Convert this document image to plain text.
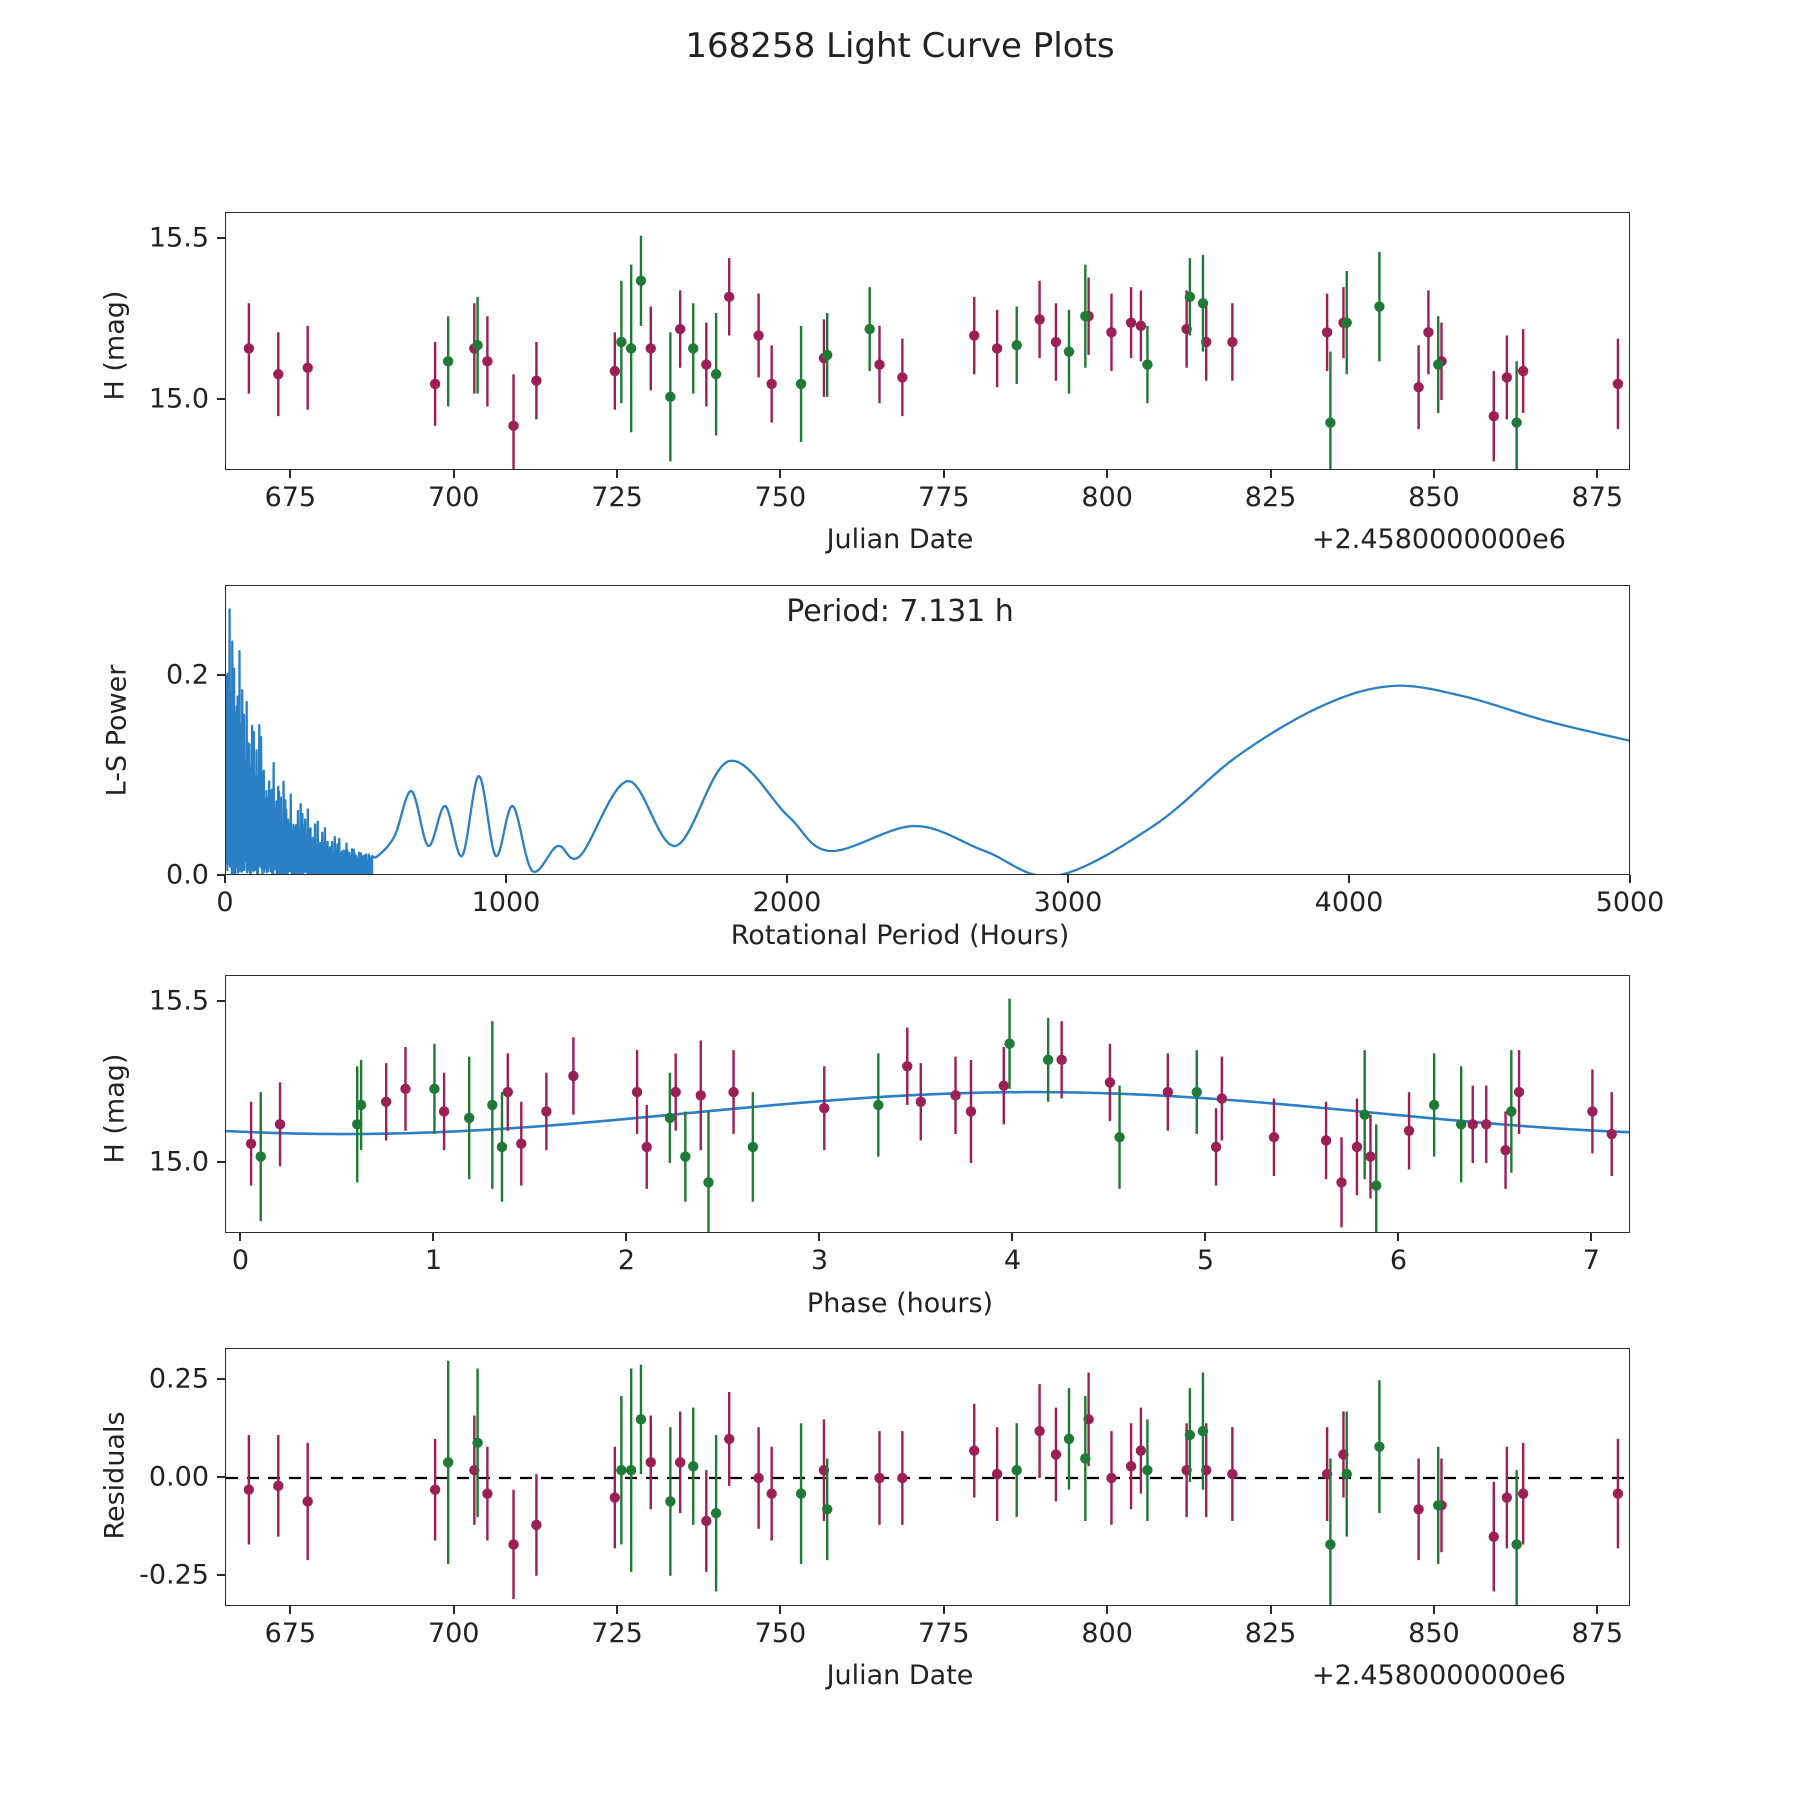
168258 Light Curve Plots
H (mag)
Julian Date	+2.4580000000e6
L-S Power
Period: 7.131 h
Rotational Period (Hours)
H (mag)
Phase (hours)
Residuals
Julian Date	+2.4580000000e6
675	700	725	750	775	800	825	850	875
15.5
15.0
0	1000	2000	3000	4000	5000
0.2
0.0
0	1	2	3	4	5	6	7
15.5
15.0
675	700	725	750	775	800	825	850	875
0.25
0.00
-0.25
